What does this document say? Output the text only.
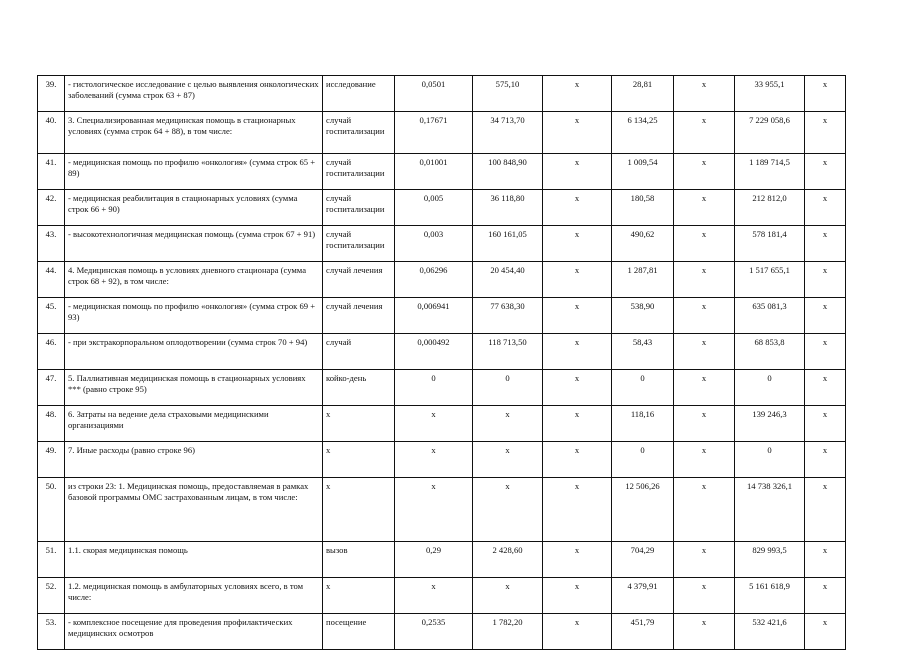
39.	- гистологическое исследование с целью выявления онкологических заболеваний (сумма строк 63 + 87)	исследование	0,0501	575,10	х	28,81	х	33 955,1	х
40.	3. Специализированная медицинская помощь в стационарных условиях (сумма строк 64 + 88), в том числе:	случай госпитализации	0,17671	34 713,70	х	6 134,25	х	7 229 058,6	х
41.	- медицинская помощь по профилю «онкология» (сумма строк 65 + 89)	случай госпитализации	0,01001	100 848,90	х	1 009,54	х	1 189 714,5	х
42.	- медицинская реабилитация в стационарных условиях (сумма строк 66 + 90)	случай госпитализации	0,005	36 118,80	х	180,58	х	212 812,0	х
43.	- высокотехнологичная медицинская помощь (сумма строк 67 + 91)	случай госпитализации	0,003	160 161,05	х	490,62	х	578 181,4	х
44.	4. Медицинская помощь в условиях дневного стационара (сумма строк 68 + 92), в том числе:	случай лечения	0,06296	20 454,40	х	1 287,81	х	1 517 655,1	х
45.	- медицинская помощь по профилю «онкология» (сумма строк 69 + 93)	случай лечения	0,006941	77 638,30	х	538,90	х	635 081,3	х
46.	- при экстракорпоральном оплодотворении (сумма строк 70 + 94)	случай	0,000492	118 713,50	х	58,43	х	68 853,8	х
47.	5. Паллиативная медицинская помощь в стационарных условиях *** (равно строке 95)	койко-день	0	0	х	0	х	0	х
48.	6. Затраты на ведение дела страховыми медицинскими организациями	х	х	х	х	118,16	х	139 246,3	х
49.	7. Иные расходы (равно строке 96)	х	х	х	х	0	х	0	х
50.	из строки 23: 1. Медицинская помощь, предоставляемая в рамках базовой программы ОМС застрахованным лицам, в том числе:	х	х	х	х	12 506,26	х	14 738 326,1	х
51.	1.1. скорая медицинская помощь	вызов	0,29	2 428,60	х	704,29	х	829 993,5	х
52.	1.2. медицинская помощь в амбулаторных условиях всего, в том числе:	х	х	х	х	4 379,91	х	5 161 618,9	х
53.	- комплексное посещение для проведения профилактических медицинских осмотров	посещение	0,2535	1 782,20	х	451,79	х	532 421,6	х
